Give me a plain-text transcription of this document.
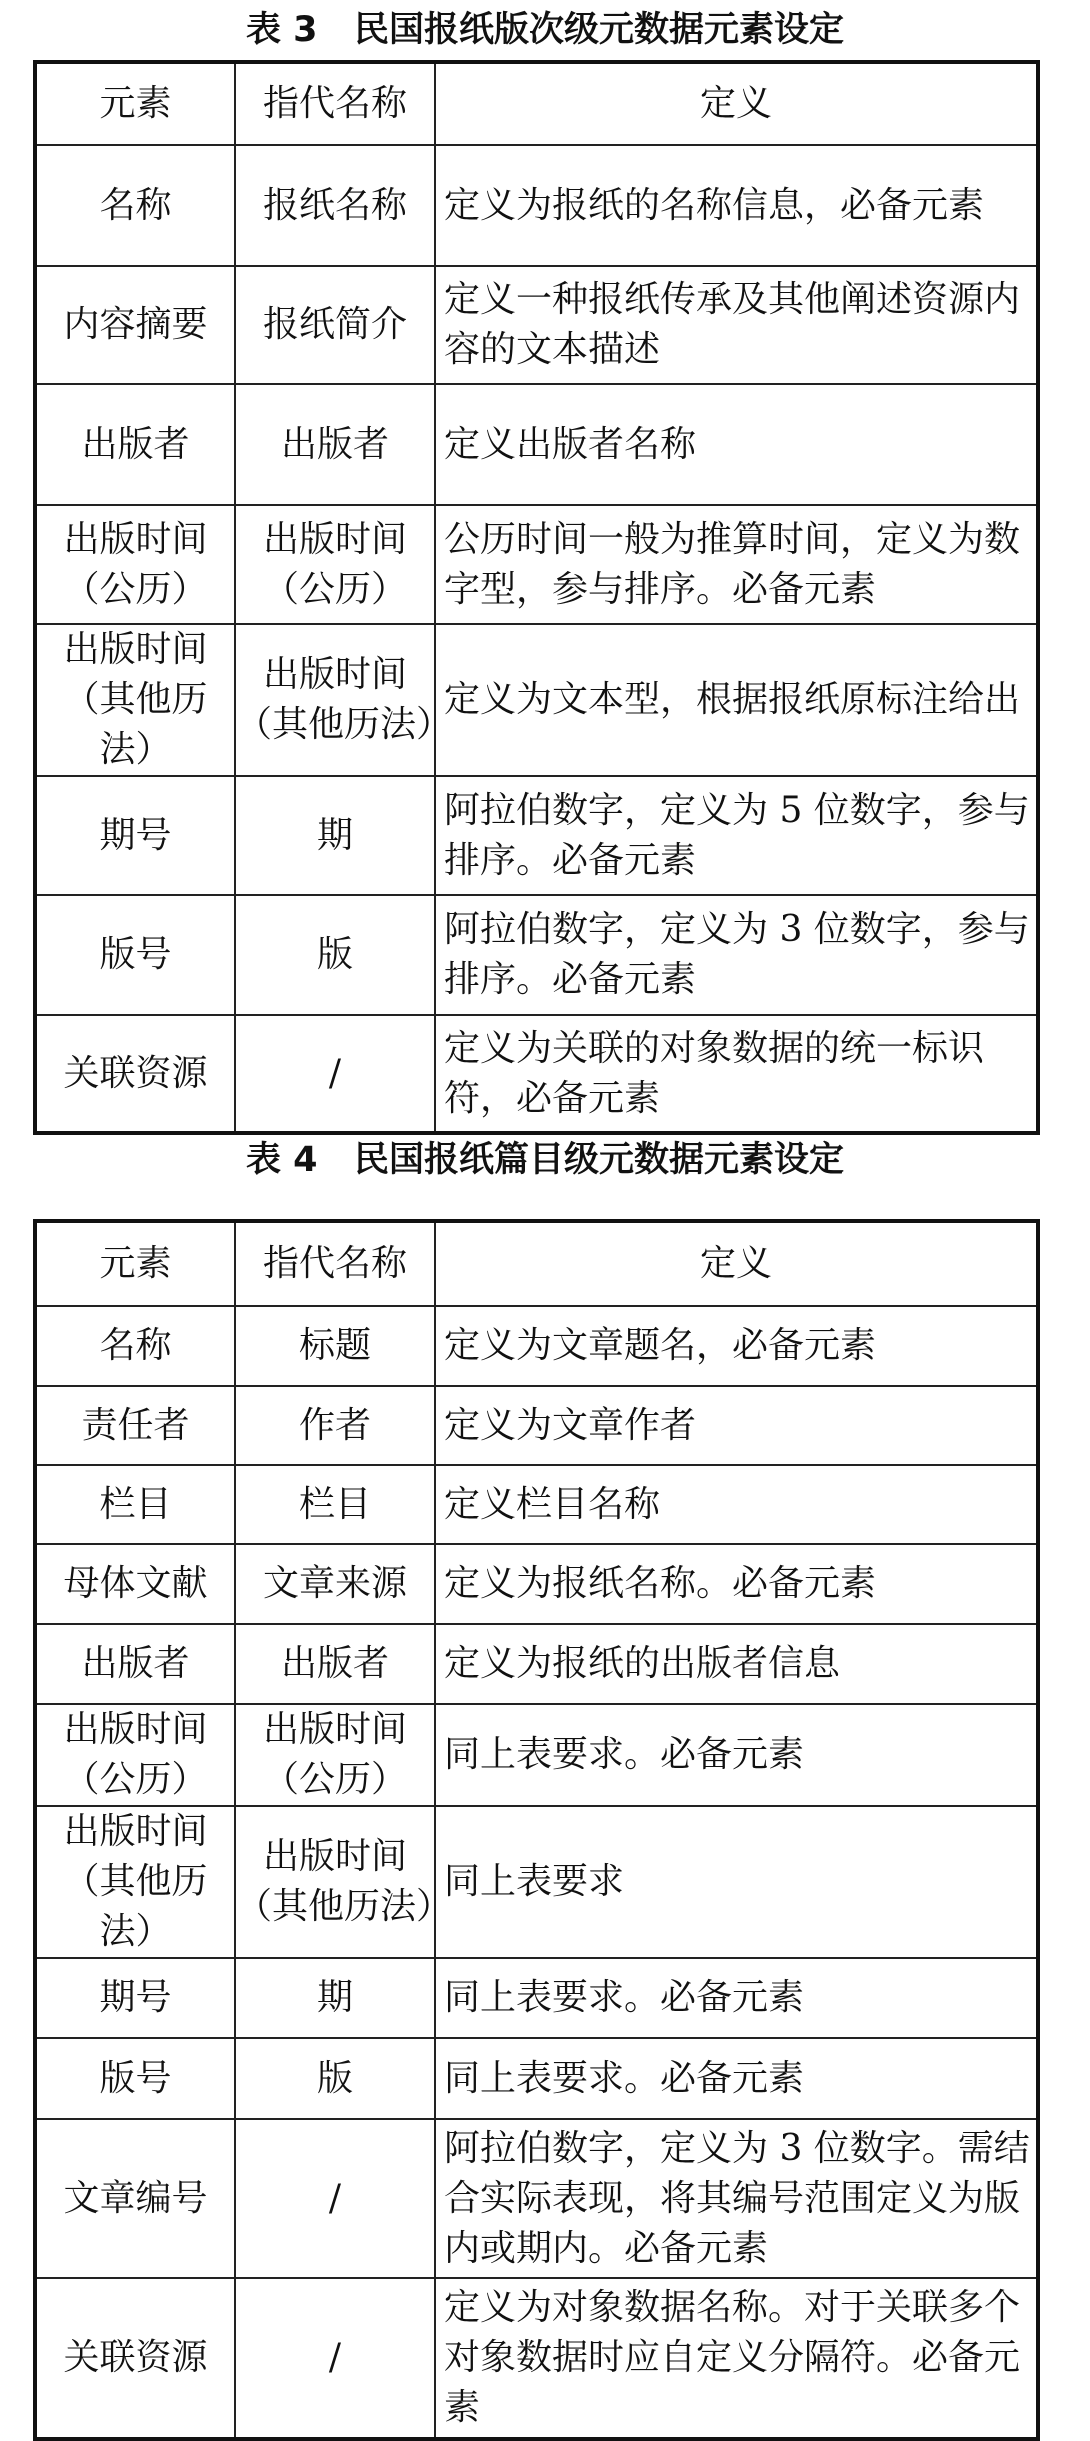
表 3   民国报纸版次级元数据元素设定
元素	指代名称	定义
名称	报纸名称	定义为报纸的名称信息，必备元素
内容摘要	报纸简介	定义一种报纸传承及其他阐述资源内容的文本描述
出版者	出版者	定义出版者名称
出版时间（公历）	出版时间（公历）	公历时间一般为推算时间，定义为数字型，参与排序。必备元素
出版时间（其他历法）	出版时间（其他历法）	定义为文本型，根据报纸原标注给出
期号	期	阿拉伯数字，定义为 5 位数字，参与排序。必备元素
版号	版	阿拉伯数字，定义为 3 位数字，参与排序。必备元素
关联资源	/	定义为关联的对象数据的统一标识符，必备元素
表 4   民国报纸篇目级元数据元素设定
元素	指代名称	定义
名称	标题	定义为文章题名，必备元素
责任者	作者	定义为文章作者
栏目	栏目	定义栏目名称
母体文献	文章来源	定义为报纸名称。必备元素
出版者	出版者	定义为报纸的出版者信息
出版时间（公历）	出版时间（公历）	同上表要求。必备元素
出版时间（其他历法）	出版时间（其他历法）	同上表要求
期号	期	同上表要求。必备元素
版号	版	同上表要求。必备元素
文章编号	/	阿拉伯数字，定义为 3 位数字。需结合实际表现，将其编号范围定义为版内或期内。必备元素
关联资源	/	定义为对象数据名称。对于关联多个对象数据时应自定义分隔符。必备元素
